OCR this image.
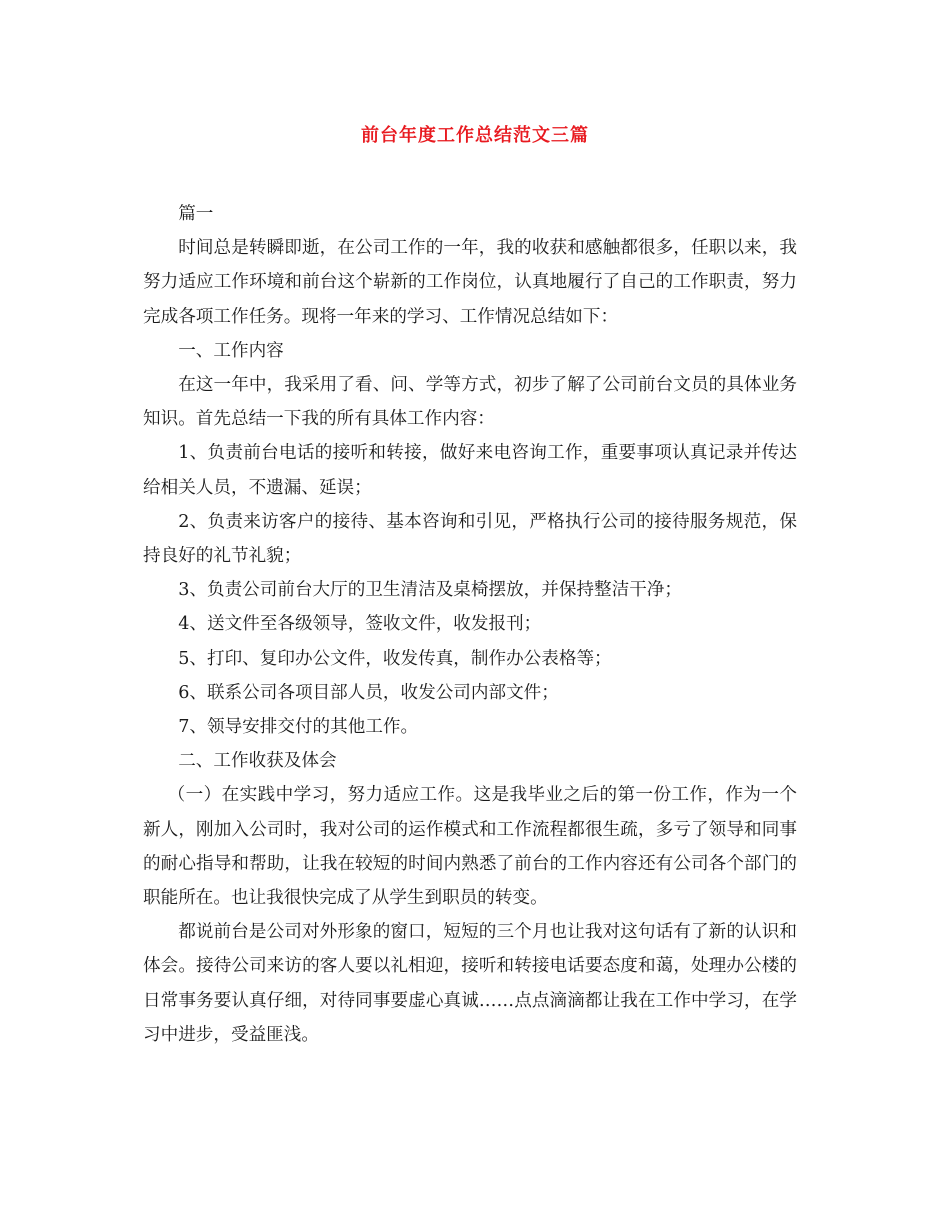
前台年度工作总结范文三篇

篇一

时间总是转瞬即逝，在公司工作的一年，我的收获和感触都很多，任职以来，我努力适应工作环境和前台这个崭新的工作岗位，认真地履行了自己的工作职责，努力完成各项工作任务。现将一年来的学习、工作情况总结如下：

一、工作内容

在这一年中，我采用了看、问、学等方式，初步了解了公司前台文员的具体业务知识。首先总结一下我的所有具体工作内容：

1、负责前台电话的接听和转接，做好来电咨询工作，重要事项认真记录并传达给相关人员，不遗漏、延误；

2、负责来访客户的接待、基本咨询和引见，严格执行公司的接待服务规范，保持良好的礼节礼貌；

3、负责公司前台大厅的卫生清洁及桌椅摆放，并保持整洁干净；

4、送文件至各级领导，签收文件，收发报刊；

5、打印、复印办公文件，收发传真，制作办公表格等；

6、联系公司各项目部人员，收发公司内部文件；

7、领导安排交付的其他工作。

二、工作收获及体会

（一）在实践中学习，努力适应工作。这是我毕业之后的第一份工作，作为一个新人，刚加入公司时，我对公司的运作模式和工作流程都很生疏，多亏了领导和同事的耐心指导和帮助，让我在较短的时间内熟悉了前台的工作内容还有公司各个部门的职能所在。也让我很快完成了从学生到职员的转变。

都说前台是公司对外形象的窗口，短短的三个月也让我对这句话有了新的认识和体会。接待公司来访的客人要以礼相迎，接听和转接电话要态度和蔼，处理办公楼的日常事务要认真仔细，对待同事要虚心真诚……点点滴滴都让我在工作中学习，在学习中进步，受益匪浅。
